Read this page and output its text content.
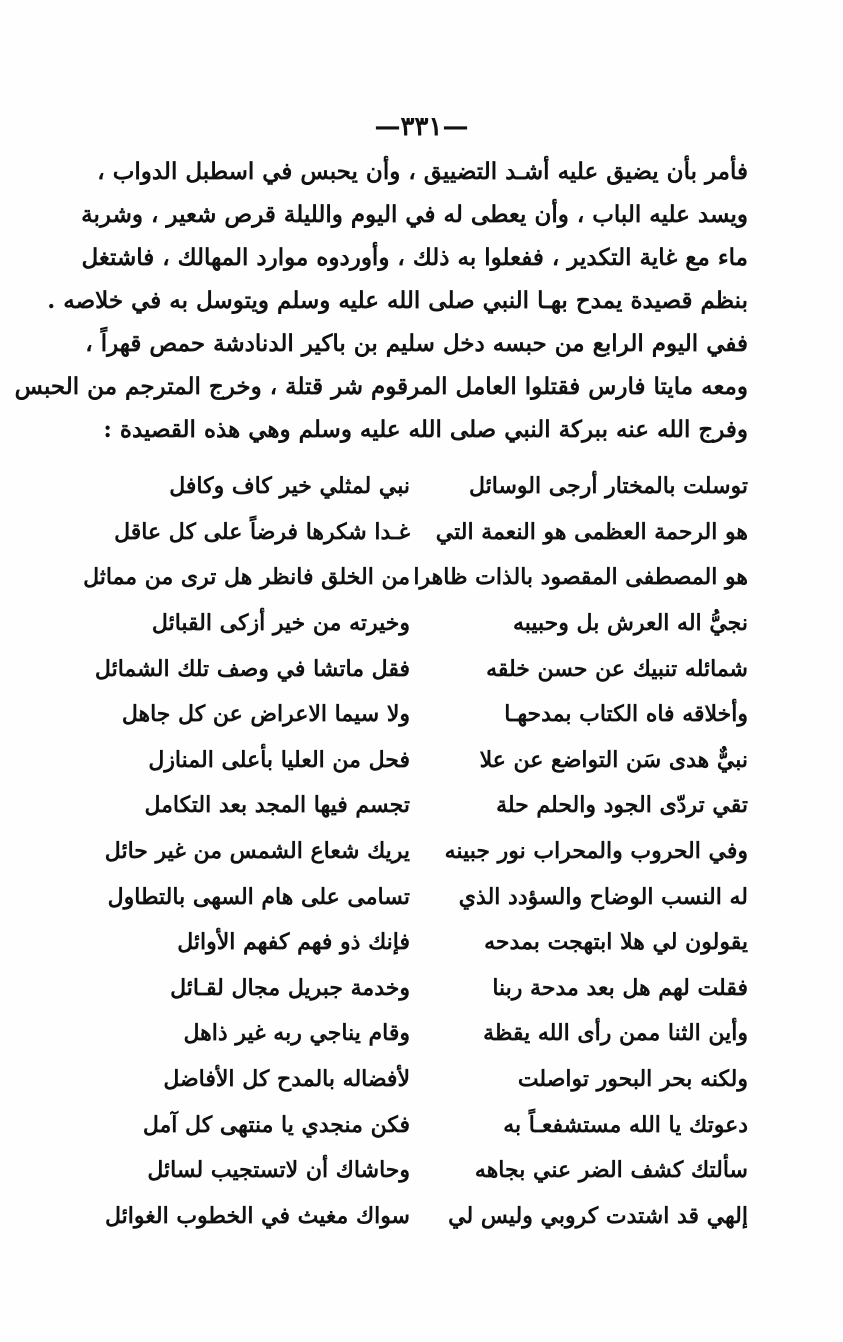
—٣٣١—
فأمر بأن يضيق عليه أشـد التضييق ، وأن يحبس في اسطبل الدواب ،
ويسد عليه الباب ، وأن يعطى له في اليوم والليلة قرص شعير ، وشربة
ماء مع غاية التكدير ، ففعلوا به ذلك ، وأوردوه موارد المهالك ، فاشتغل
بنظم قصيدة يمدح بهـا النبي صلى الله عليه وسلم ويتوسل به في خلاصه .
ففي اليوم الرابع من حبسه دخل سليم بن باكير الدنادشة حمص قهراً ،
ومعه مايتا فارس فقتلوا العامل المرقوم شر قتلة ، وخرج المترجم من الحبس
وفرج الله عنه ببركة النبي صلى الله عليه وسلم وهي هذه القصيدة :
توسلت بالمختار أرجى الوسائل
نبي لمثلي خير كاف وكافل
هو الرحمة العظمى هو النعمة التي
غـدا شكرها فرضاً على كل عاقل
هو المصطفى المقصود بالذات ظاهرا
من الخلق فانظر هل ترى من مماثل
نجيُّ اله العرش بل وحبيبه
وخيرته من خير أزكى القبائل
شمائله تنبيك عن حسن خلقه
فقل ماتشا في وصف تلك الشمائل
وأخلاقه فاه الكتاب بمدحهـا
ولا سيما الاعراض عن كل جاهل
نبيٌّ هدى سَن التواضع عن علا
فحل من العليا بأعلى المنازل
تقي تردّى الجود والحلم حلة
تجسم فيها المجد بعد التكامل
وفي الحروب والمحراب نور جبينه
يريك شعاع الشمس من غير حائل
له النسب الوضاح والسؤدد الذي
تسامى على هام السهى بالتطاول
يقولون لي هلا ابتهجت بمدحه
فإنك ذو فهم كفهم الأوائل
فقلت لهم هل بعد مدحة ربنا
وخدمة جبريل مجال لقـائل
وأين الثنا ممن رأى الله يقظة
وقام يناجي ربه غير ذاهل
ولكنه بحر البحور تواصلت
لأفضاله بالمدح كل الأفاضل
دعوتك يا الله مستشفعـاً به
فكن منجدي يا منتهى كل آمل
سألتك كشف الضر عني بجاهه
وحاشاك أن لاتستجيب لسائل
إلهي قد اشتدت كروبي وليس لي
سواك مغيث في الخطوب الغوائل
